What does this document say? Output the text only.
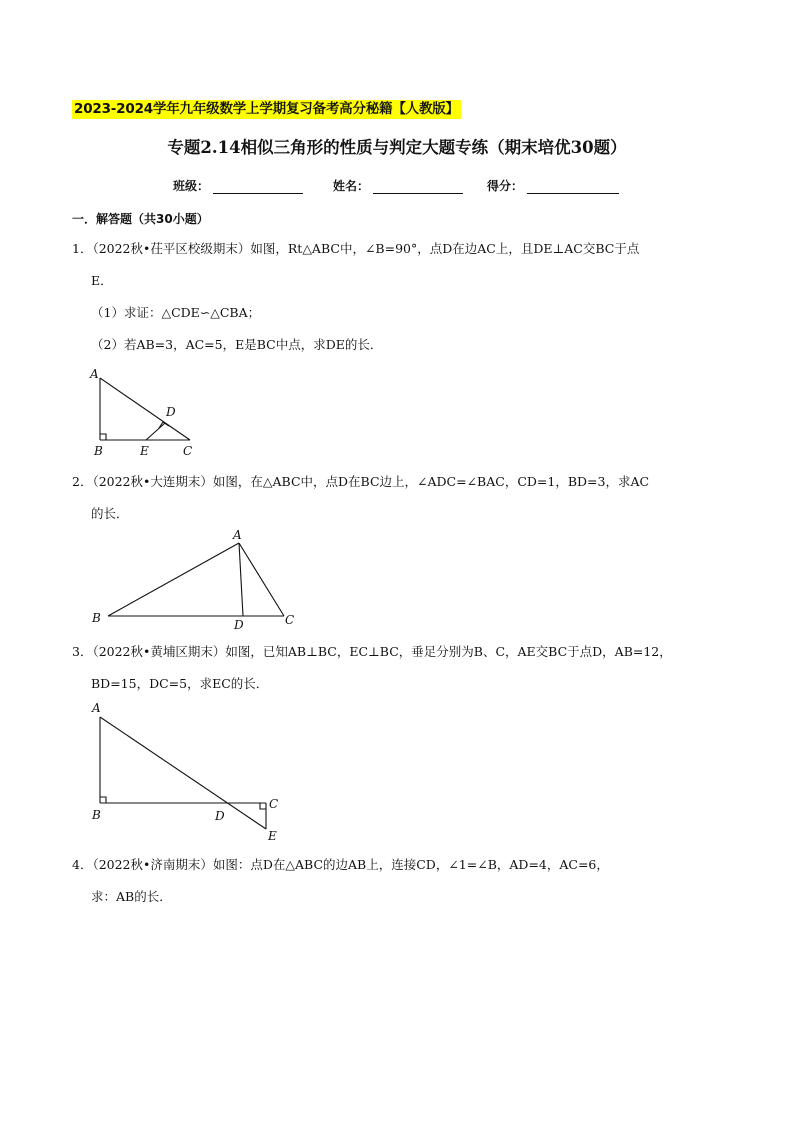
2023-2024学年九年级数学上学期复习备考高分秘籍【人教版】
专题2.14相似三角形的性质与判定大题专练（期末培优30题）
班级：	姓名：	得分：
一．解答题（共30小题）
1．（2022秋•茌平区校级期末）如图，Rt△ABC中，∠B=90°，点D在边AC上，且DE⊥AC交BC于点
E．
（1）求证：△CDE∽△CBA；
（2）若AB=3，AC=5，E是BC中点，求DE的长．
A
D
B	E	C
2．（2022秋•大连期末）如图，在△ABC中，点D在BC边上，∠ADC=∠BAC，CD=1，BD=3，求AC
的长．
A
B	D	C
3．（2022秋•黄埔区期末）如图，已知AB⊥BC，EC⊥BC，垂足分别为B、C，AE交BC于点D，AB=12，
BD=15，DC=5，求EC的长．
A
B	D
C
E
4．（2022秋•济南期末）如图：点D在△ABC的边AB上，连接CD，∠1=∠B，AD=4，AC=6，
求：AB的长．
